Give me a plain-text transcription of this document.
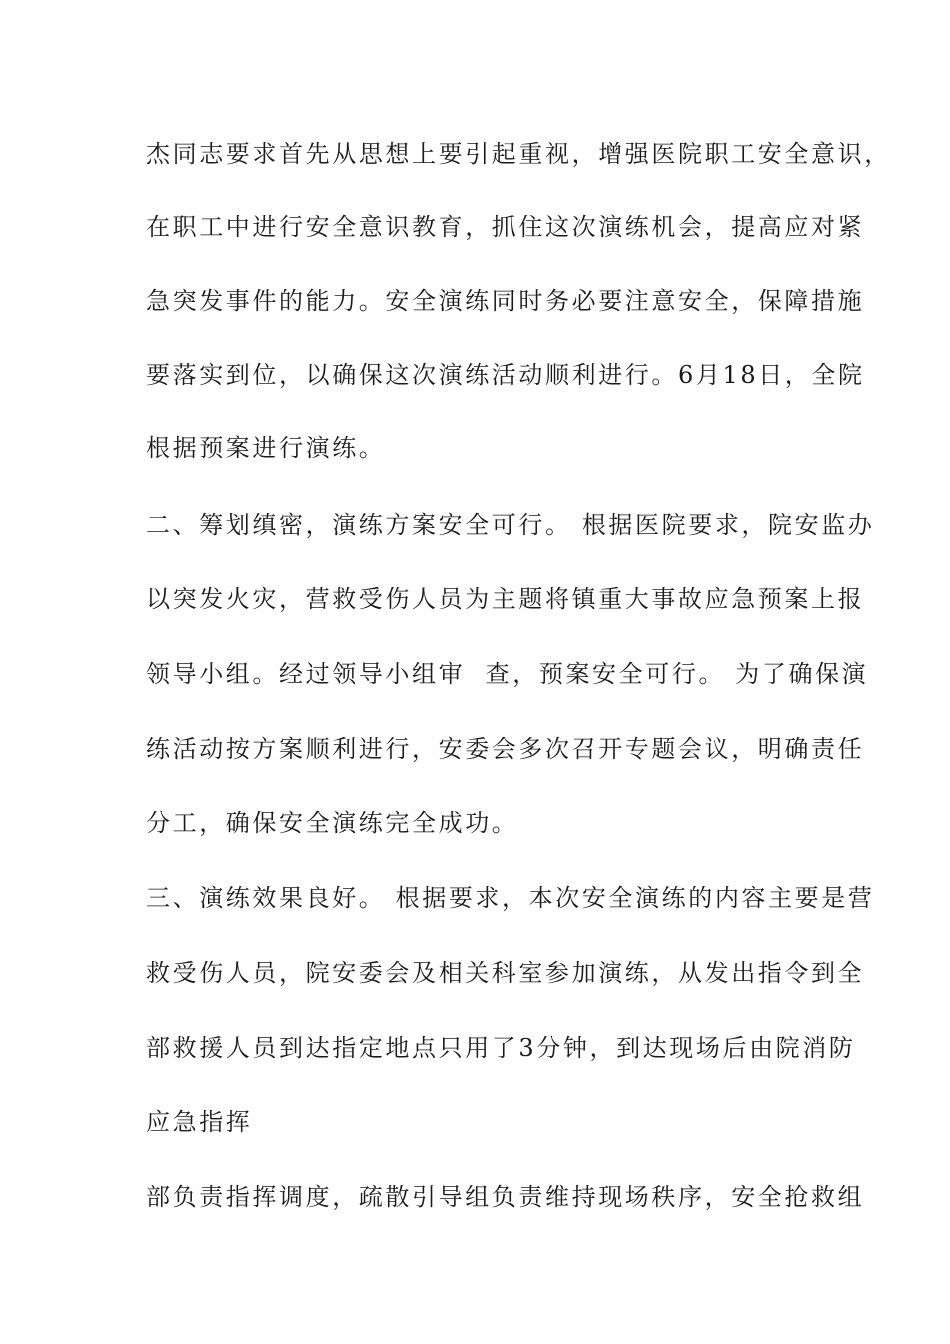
杰同志要求首先从思想上要引起重视，增强医院职工安全意识，
在职工中进行安全意识教育，抓住这次演练机会，提高应对紧
急突发事件的能力。安全演练同时务必要注意安全，保障措施
要落实到位，以确保这次演练活动顺利进行。6月18日，全院
根据预案进行演练。
二、筹划缜密，演练方案安全可行。 根据医院要求，院安监办
以突发火灾，营救受伤人员为主题将镇重大事故应急预案上报
领导小组。经过领导小组审  查，预案安全可行。 为了确保演
练活动按方案顺利进行，安委会多次召开专题会议，明确责任
分工，确保安全演练完全成功。
三、演练效果良好。 根据要求，本次安全演练的内容主要是营
救受伤人员，院安委会及相关科室参加演练，从发出指令到全
部救援人员到达指定地点只用了3分钟，到达现场后由院消防
应急指挥
部负责指挥调度，疏散引导组负责维持现场秩序，安全抢救组
